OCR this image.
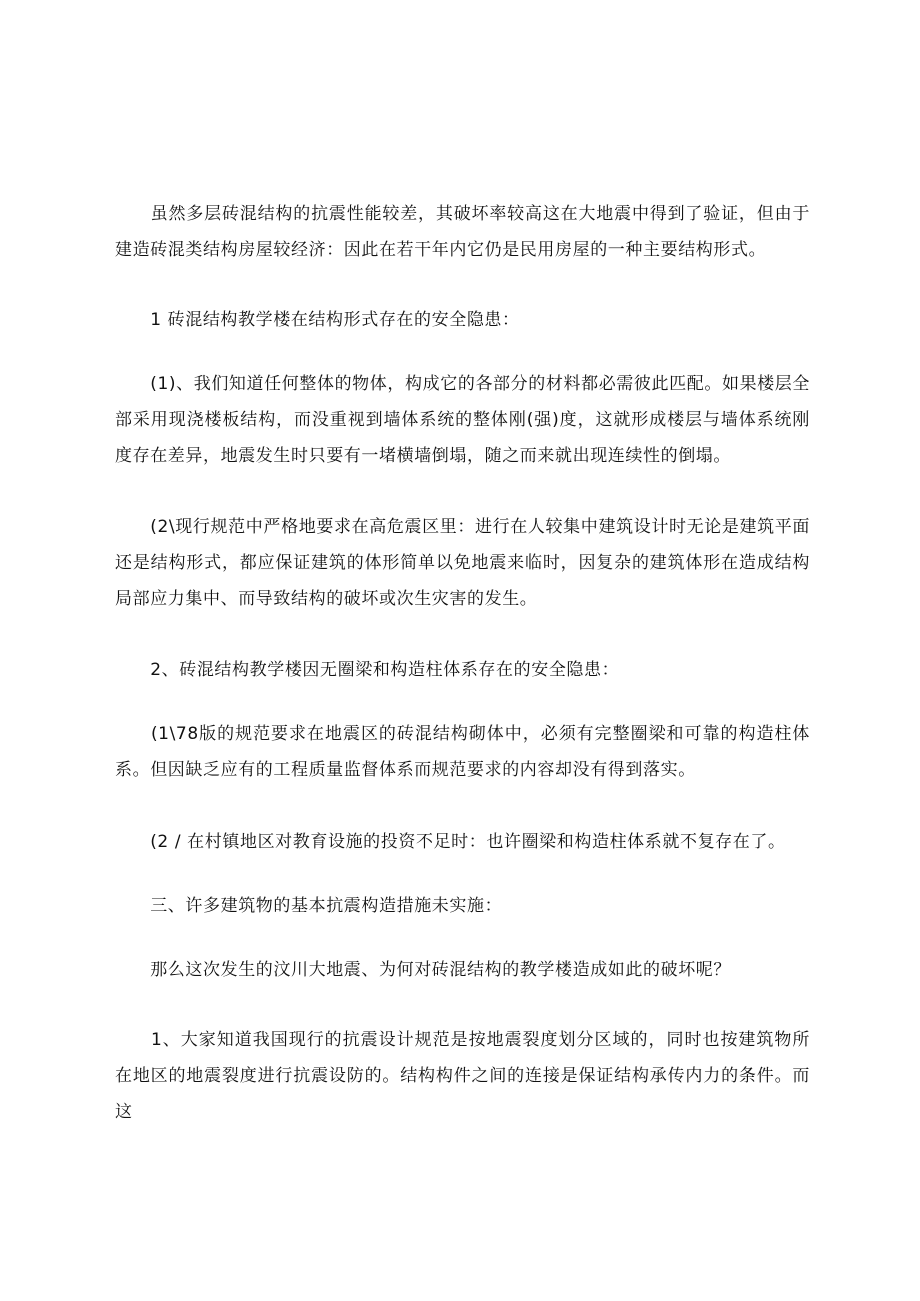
　　虽然多层砖混结构的抗震性能较差，其破坏率较高这在大地震中得到了验证，但由于建造砖混类结构房屋较经济：因此在若干年内它仍是民用房屋的一种主要结构形式。

　　1 砖混结构教学楼在结构形式存在的安全隐患：

　　(1)、我们知道任何整体的物体，构成它的各部分的材料都必需彼此匹配。如果楼层全部采用现浇楼板结构，而没重视到墙体系统的整体刚(强)度，这就形成楼层与墙体系统刚度存在差异，地震发生时只要有一堵横墙倒塌，随之而来就出现连续性的倒塌。

　　(2\现行规范中严格地要求在高危震区里：进行在人较集中建筑设计时无论是建筑平面还是结构形式，都应保证建筑的体形简单以免地震来临时，因复杂的建筑体形在造成结构局部应力集中、而导致结构的破坏或次生灾害的发生。

　　2、砖混结构教学楼因无圈梁和构造柱体系存在的安全隐患：

　　(1\78版的规范要求在地震区的砖混结构砌体中，必须有完整圈梁和可靠的构造柱体系。但因缺乏应有的工程质量监督体系而规范要求的内容却没有得到落实。

　　(2 / 在村镇地区对教育设施的投资不足时：也许圈梁和构造柱体系就不复存在了。

　　三、许多建筑物的基本抗震构造措施未实施：

　　那么这次发生的汶川大地震、为何对砖混结构的教学楼造成如此的破坏呢？

　　1、大家知道我国现行的抗震设计规范是按地震裂度划分区域的，同时也按建筑物所在地区的地震裂度进行抗震设防的。结构构件之间的连接是保证结构承传内力的条件。而这
